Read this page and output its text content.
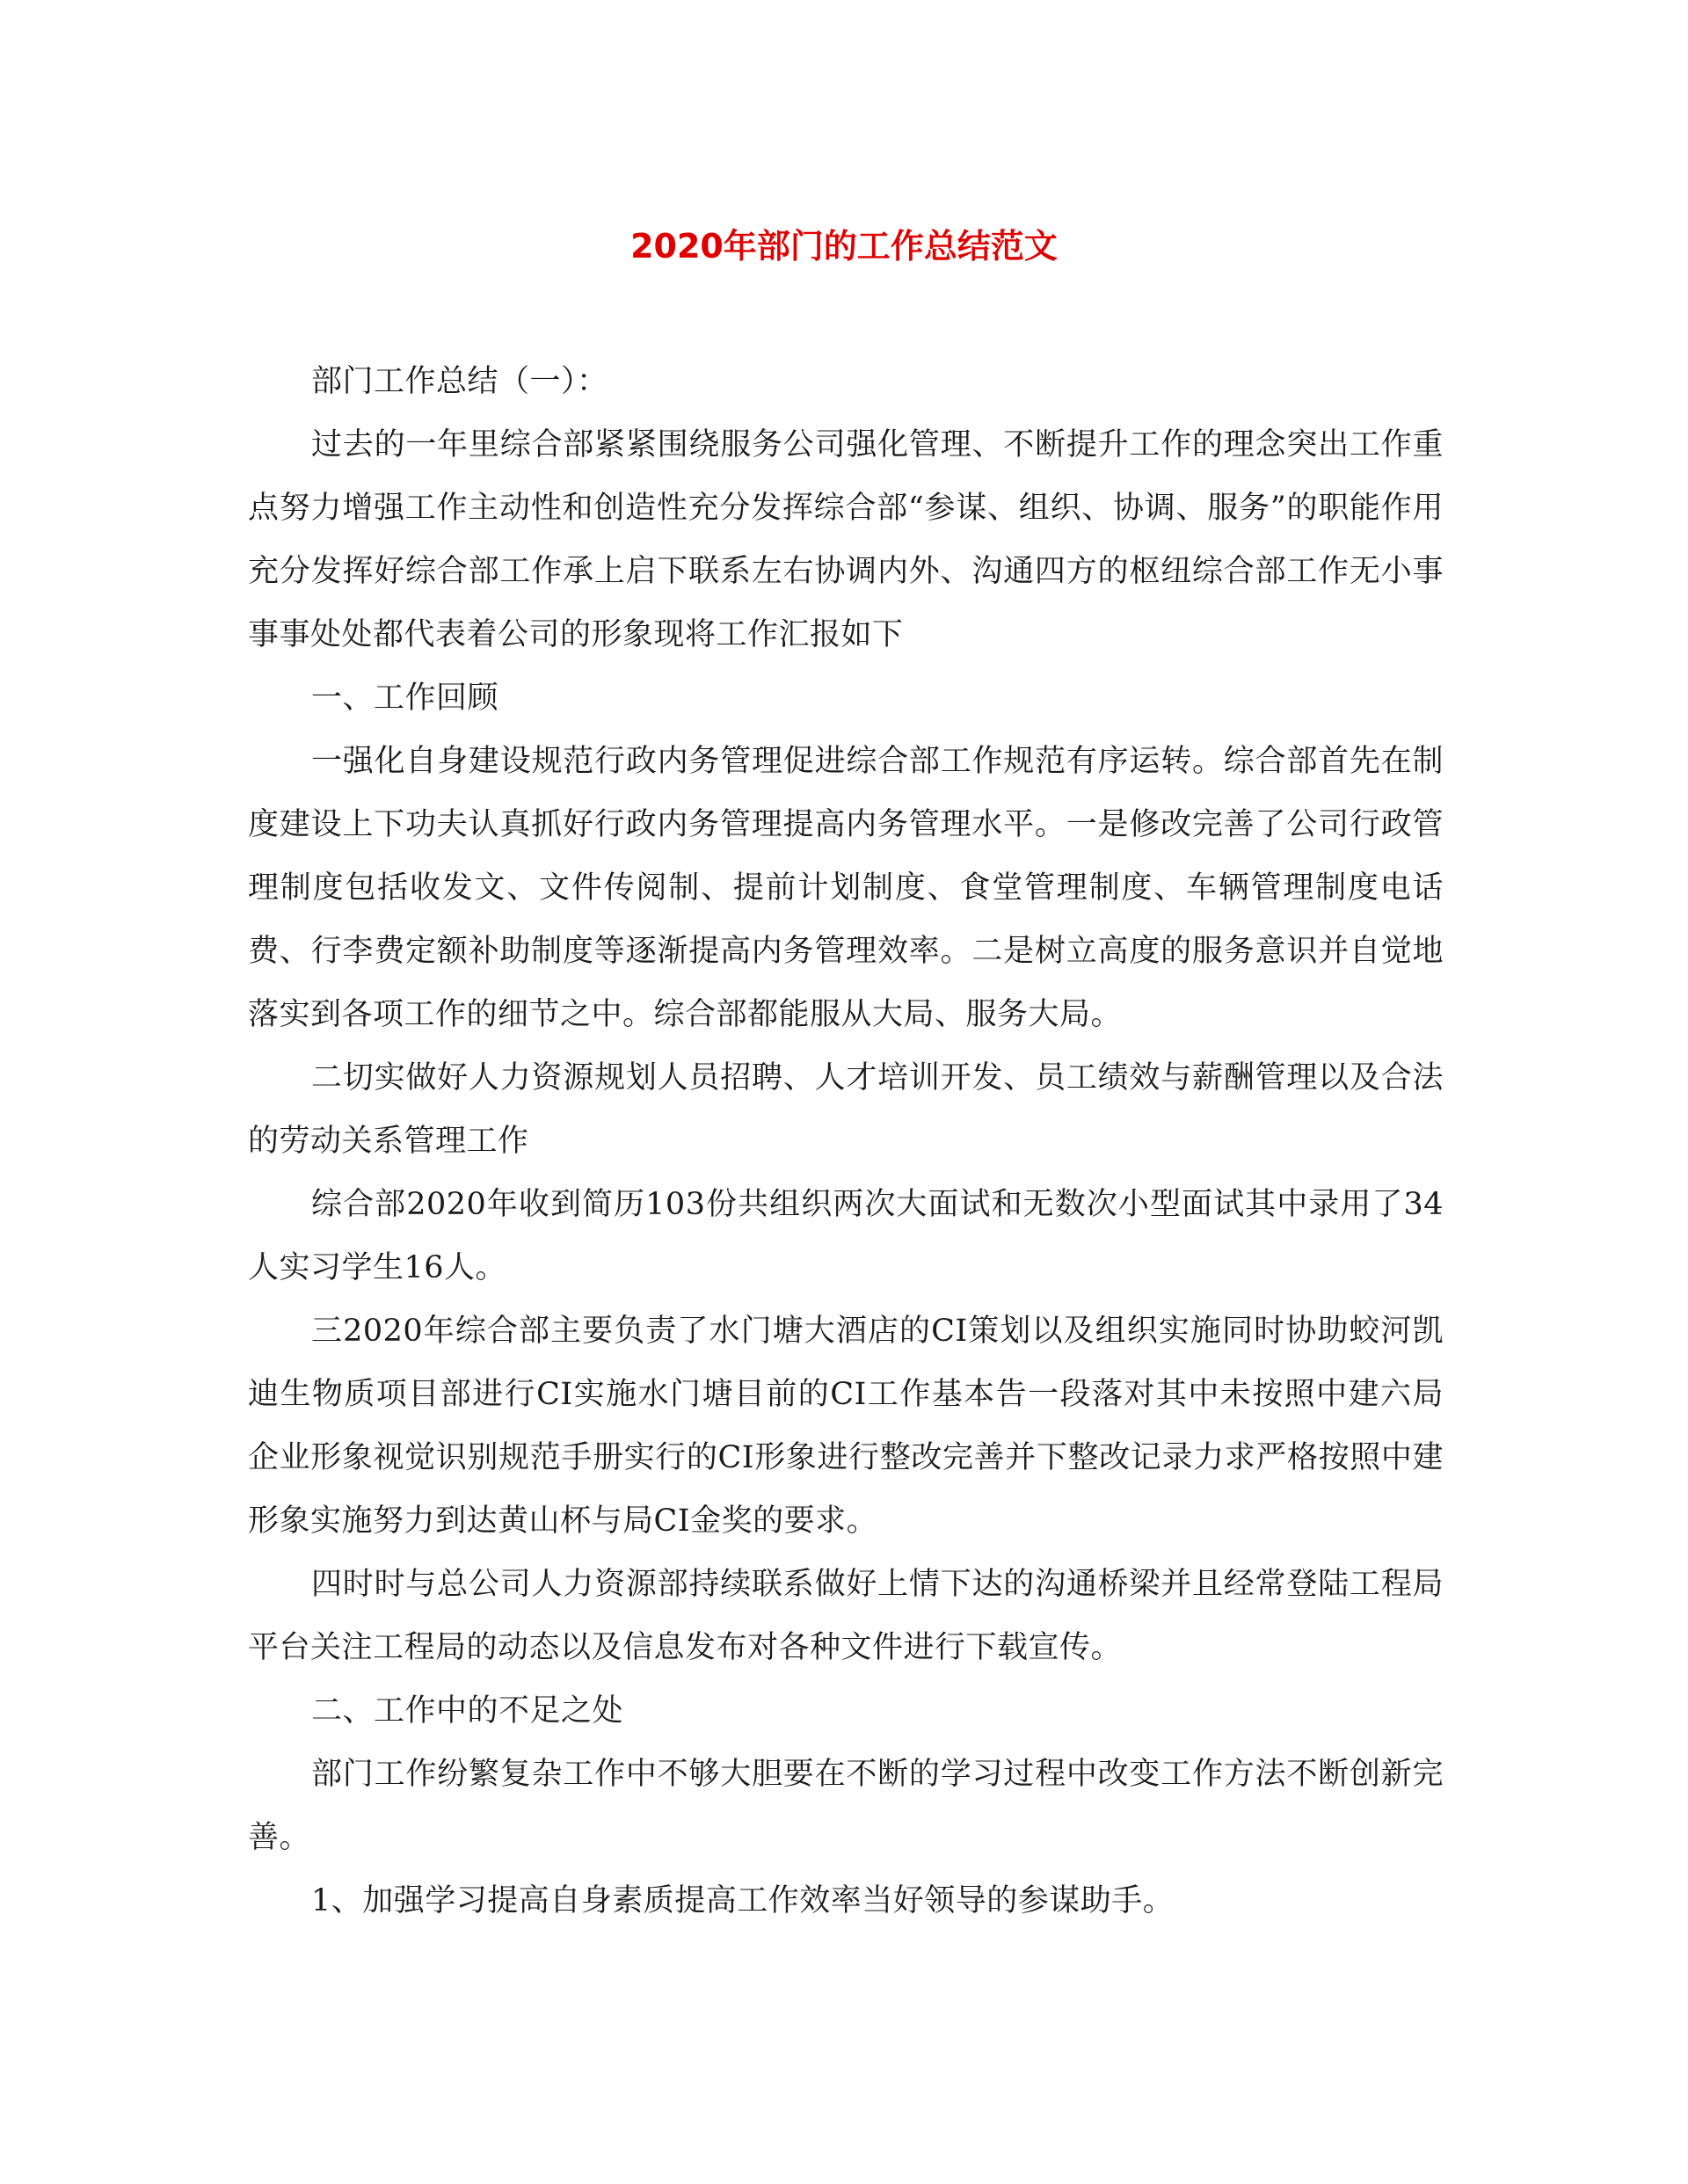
2020年部门的工作总结范文

部门工作总结（一）：

过去的一年里综合部紧紧围绕服务公司强化管理、不断提升工作的理念突出工作重点努力增强工作主动性和创造性充分发挥综合部“参谋、组织、协调、服务”的职能作用充分发挥好综合部工作承上启下联系左右协调内外、沟通四方的枢纽综合部工作无小事事事处处都代表着公司的形象现将工作汇报如下

一、工作回顾

一强化自身建设规范行政内务管理促进综合部工作规范有序运转。综合部首先在制度建设上下功夫认真抓好行政内务管理提高内务管理水平。一是修改完善了公司行政管理制度包括收发文、文件传阅制、提前计划制度、食堂管理制度、车辆管理制度电话费、行李费定额补助制度等逐渐提高内务管理效率。二是树立高度的服务意识并自觉地落实到各项工作的细节之中。综合部都能服从大局、服务大局。

二切实做好人力资源规划人员招聘、人才培训开发、员工绩效与薪酬管理以及合法的劳动关系管理工作

综合部2020年收到简历103份共组织两次大面试和无数次小型面试其中录用了34人实习学生16人。

三2020年综合部主要负责了水门塘大酒店的CI策划以及组织实施同时协助蛟河凯迪生物质项目部进行CI实施水门塘目前的CI工作基本告一段落对其中未按照中建六局企业形象视觉识别规范手册实行的CI形象进行整改完善并下整改记录力求严格按照中建形象实施努力到达黄山杯与局CI金奖的要求。

四时时与总公司人力资源部持续联系做好上情下达的沟通桥梁并且经常登陆工程局平台关注工程局的动态以及信息发布对各种文件进行下载宣传。

二、工作中的不足之处

部门工作纷繁复杂工作中不够大胆要在不断的学习过程中改变工作方法不断创新完善。

1、加强学习提高自身素质提高工作效率当好领导的参谋助手。
